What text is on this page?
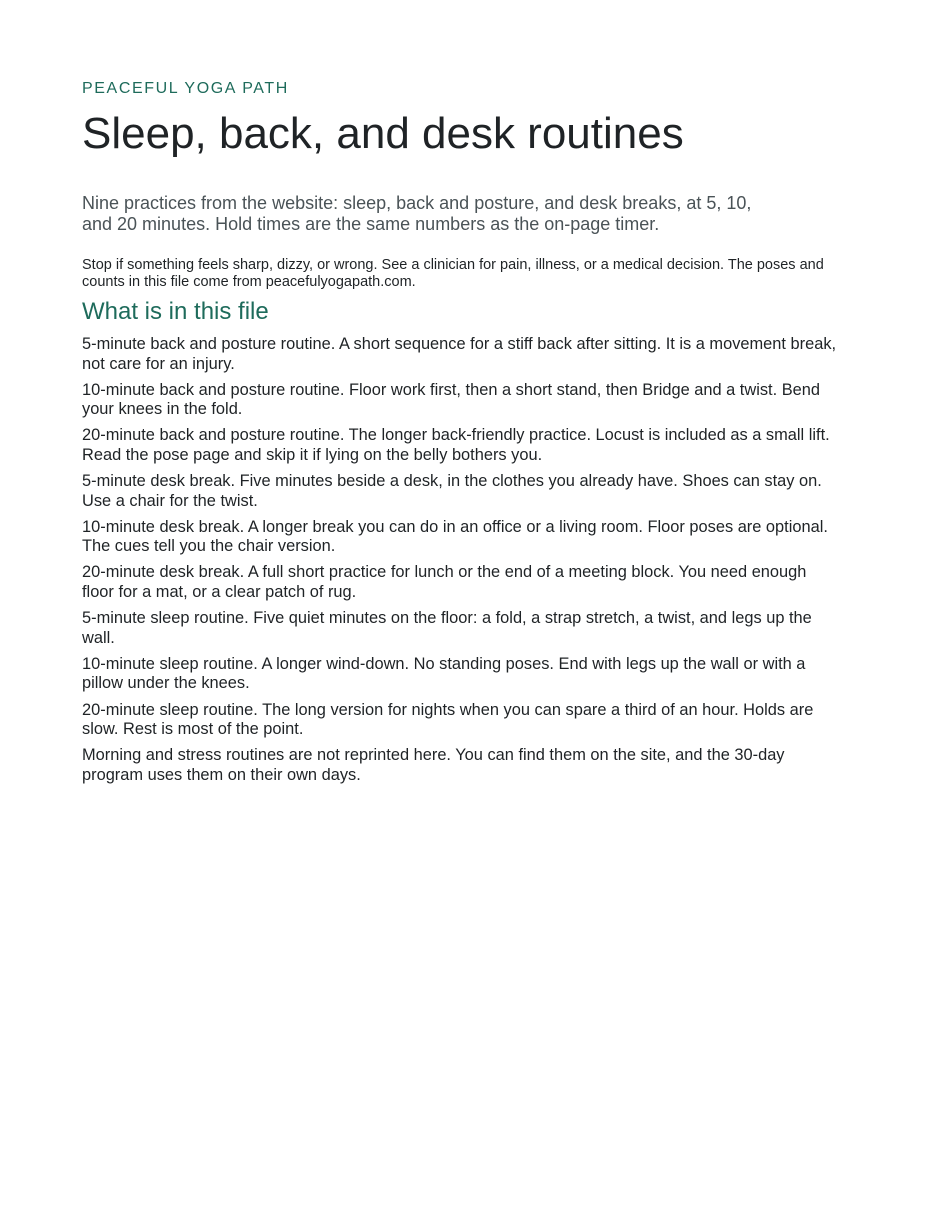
PEACEFUL YOGA PATH

Sleep, back, and desk routines

Nine practices from the website: sleep, back and posture, and desk breaks, at 5, 10, and 20 minutes. Hold times are the same numbers as the on-page timer.

Stop if something feels sharp, dizzy, or wrong. See a clinician for pain, illness, or a medical decision. The poses and counts in this file come from peacefulyogapath.com.

What is in this file
5-minute back and posture routine. A short sequence for a stiff back after sitting. It is a movement break, not care for an injury.
10-minute back and posture routine. Floor work first, then a short stand, then Bridge and a twist. Bend your knees in the fold.
20-minute back and posture routine. The longer back-friendly practice. Locust is included as a small lift. Read the pose page and skip it if lying on the belly bothers you.
5-minute desk break. Five minutes beside a desk, in the clothes you already have. Shoes can stay on. Use a chair for the twist.
10-minute desk break. A longer break you can do in an office or a living room. Floor poses are optional. The cues tell you the chair version.
20-minute desk break. A full short practice for lunch or the end of a meeting block. You need enough floor for a mat, or a clear patch of rug.
5-minute sleep routine. Five quiet minutes on the floor: a fold, a strap stretch, a twist, and legs up the wall.
10-minute sleep routine. A longer wind-down. No standing poses. End with legs up the wall or with a pillow under the knees.
20-minute sleep routine. The long version for nights when you can spare a third of an hour. Holds are slow. Rest is most of the point.

Morning and stress routines are not reprinted here. You can find them on the site, and the 30-day program uses them on their own days.
